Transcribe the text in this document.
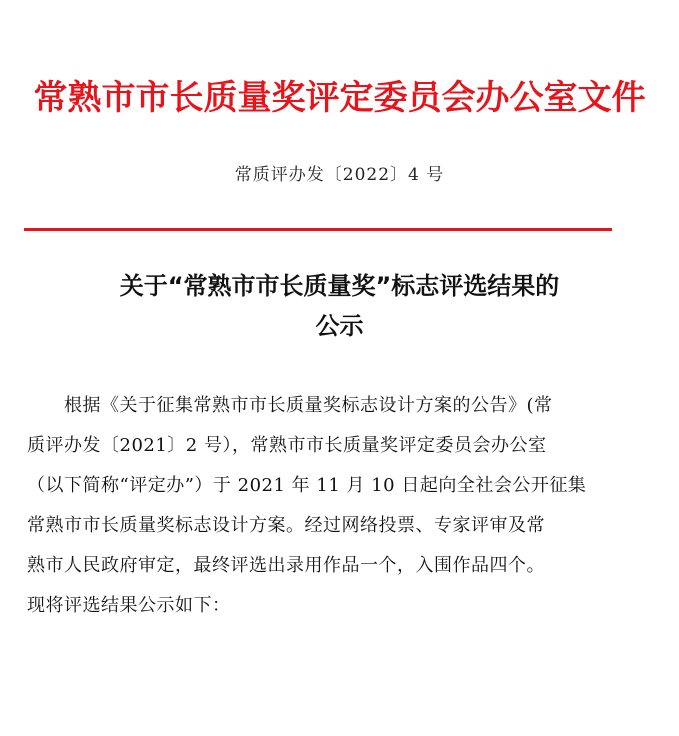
常熟市市长质量奖评定委员会办公室文件
常质评办发〔2022〕4 号
关于“常熟市市长质量奖”标志评选结果的
公示
　　根据《关于征集常熟市市长质量奖标志设计方案的公告》(常
质评办发〔2021〕2 号），常熟市市长质量奖评定委员会办公室
（以下简称“评定办”）于 2021 年 11 月 10 日起向全社会公开征集
常熟市市长质量奖标志设计方案。经过网络投票、专家评审及常
熟市人民政府审定，最终评选出录用作品一个，入围作品四个。
现将评选结果公示如下：
